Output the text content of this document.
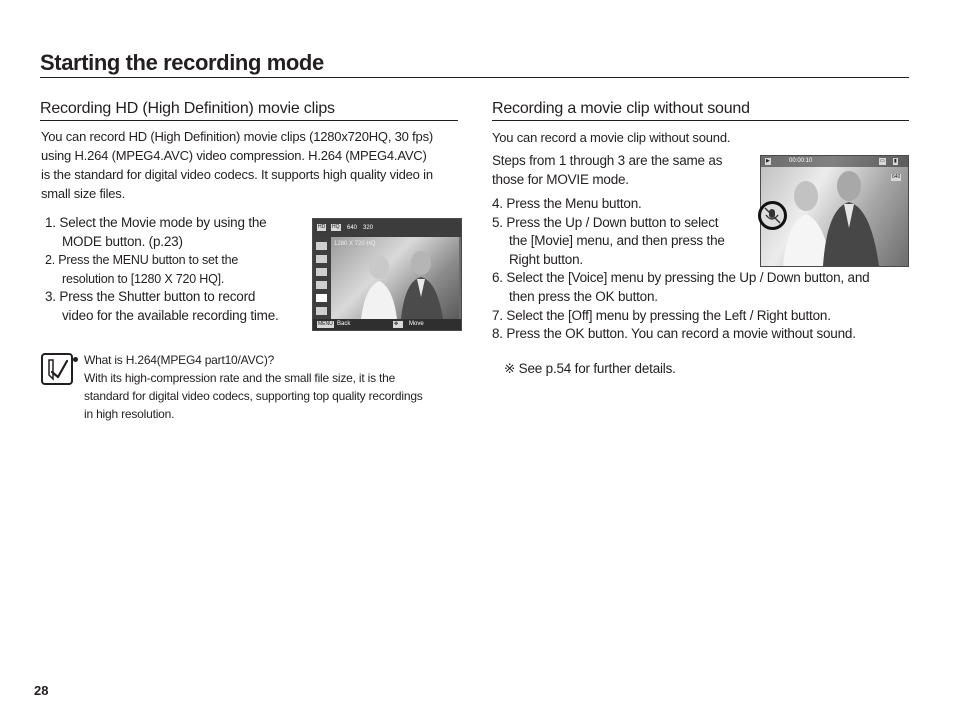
Starting the recording mode
Recording HD (High Definition) movie clips
You can record HD (High Definition) movie clips (1280x720HQ, 30 fps)
using H.264 (MPEG4.AVC) video compression. H.264 (MPEG4.AVC)
is the standard for digital video codecs. It supports high quality video in
small size files.
1. Select the Movie mode by using the
MODE button. (p.23)
2. Press the MENU button to set the
resolution to [1280 X 720 HQ].
3. Press the Shutter button to record
video for the available recording time.
HD HQ 640 320
1280 X 720 HQ
MENU Back	✥	Move
What is H.264(MPEG4 part10/AVC)?
With its high-compression rate and the small file size, it is the
standard for digital video codecs, supporting top quality recordings
in high resolution.
Recording a movie clip without sound
You can record a movie clip without sound.
Steps from 1 through 3 are the same as
those for MOVIE mode.
4. Press the Menu button.
5. Press the Up / Down button to select
the [Movie] menu, and then press the
Right button.
6. Select the [Voice] menu by pressing the Up / Down button, and
then press the OK button.
7. Select the [Off] menu by pressing the Left / Right button.
8. Press the OK button. You can record a movie without sound.
※ See p.54 for further details.
▶	00:00:10	▭ ▮
640
28
